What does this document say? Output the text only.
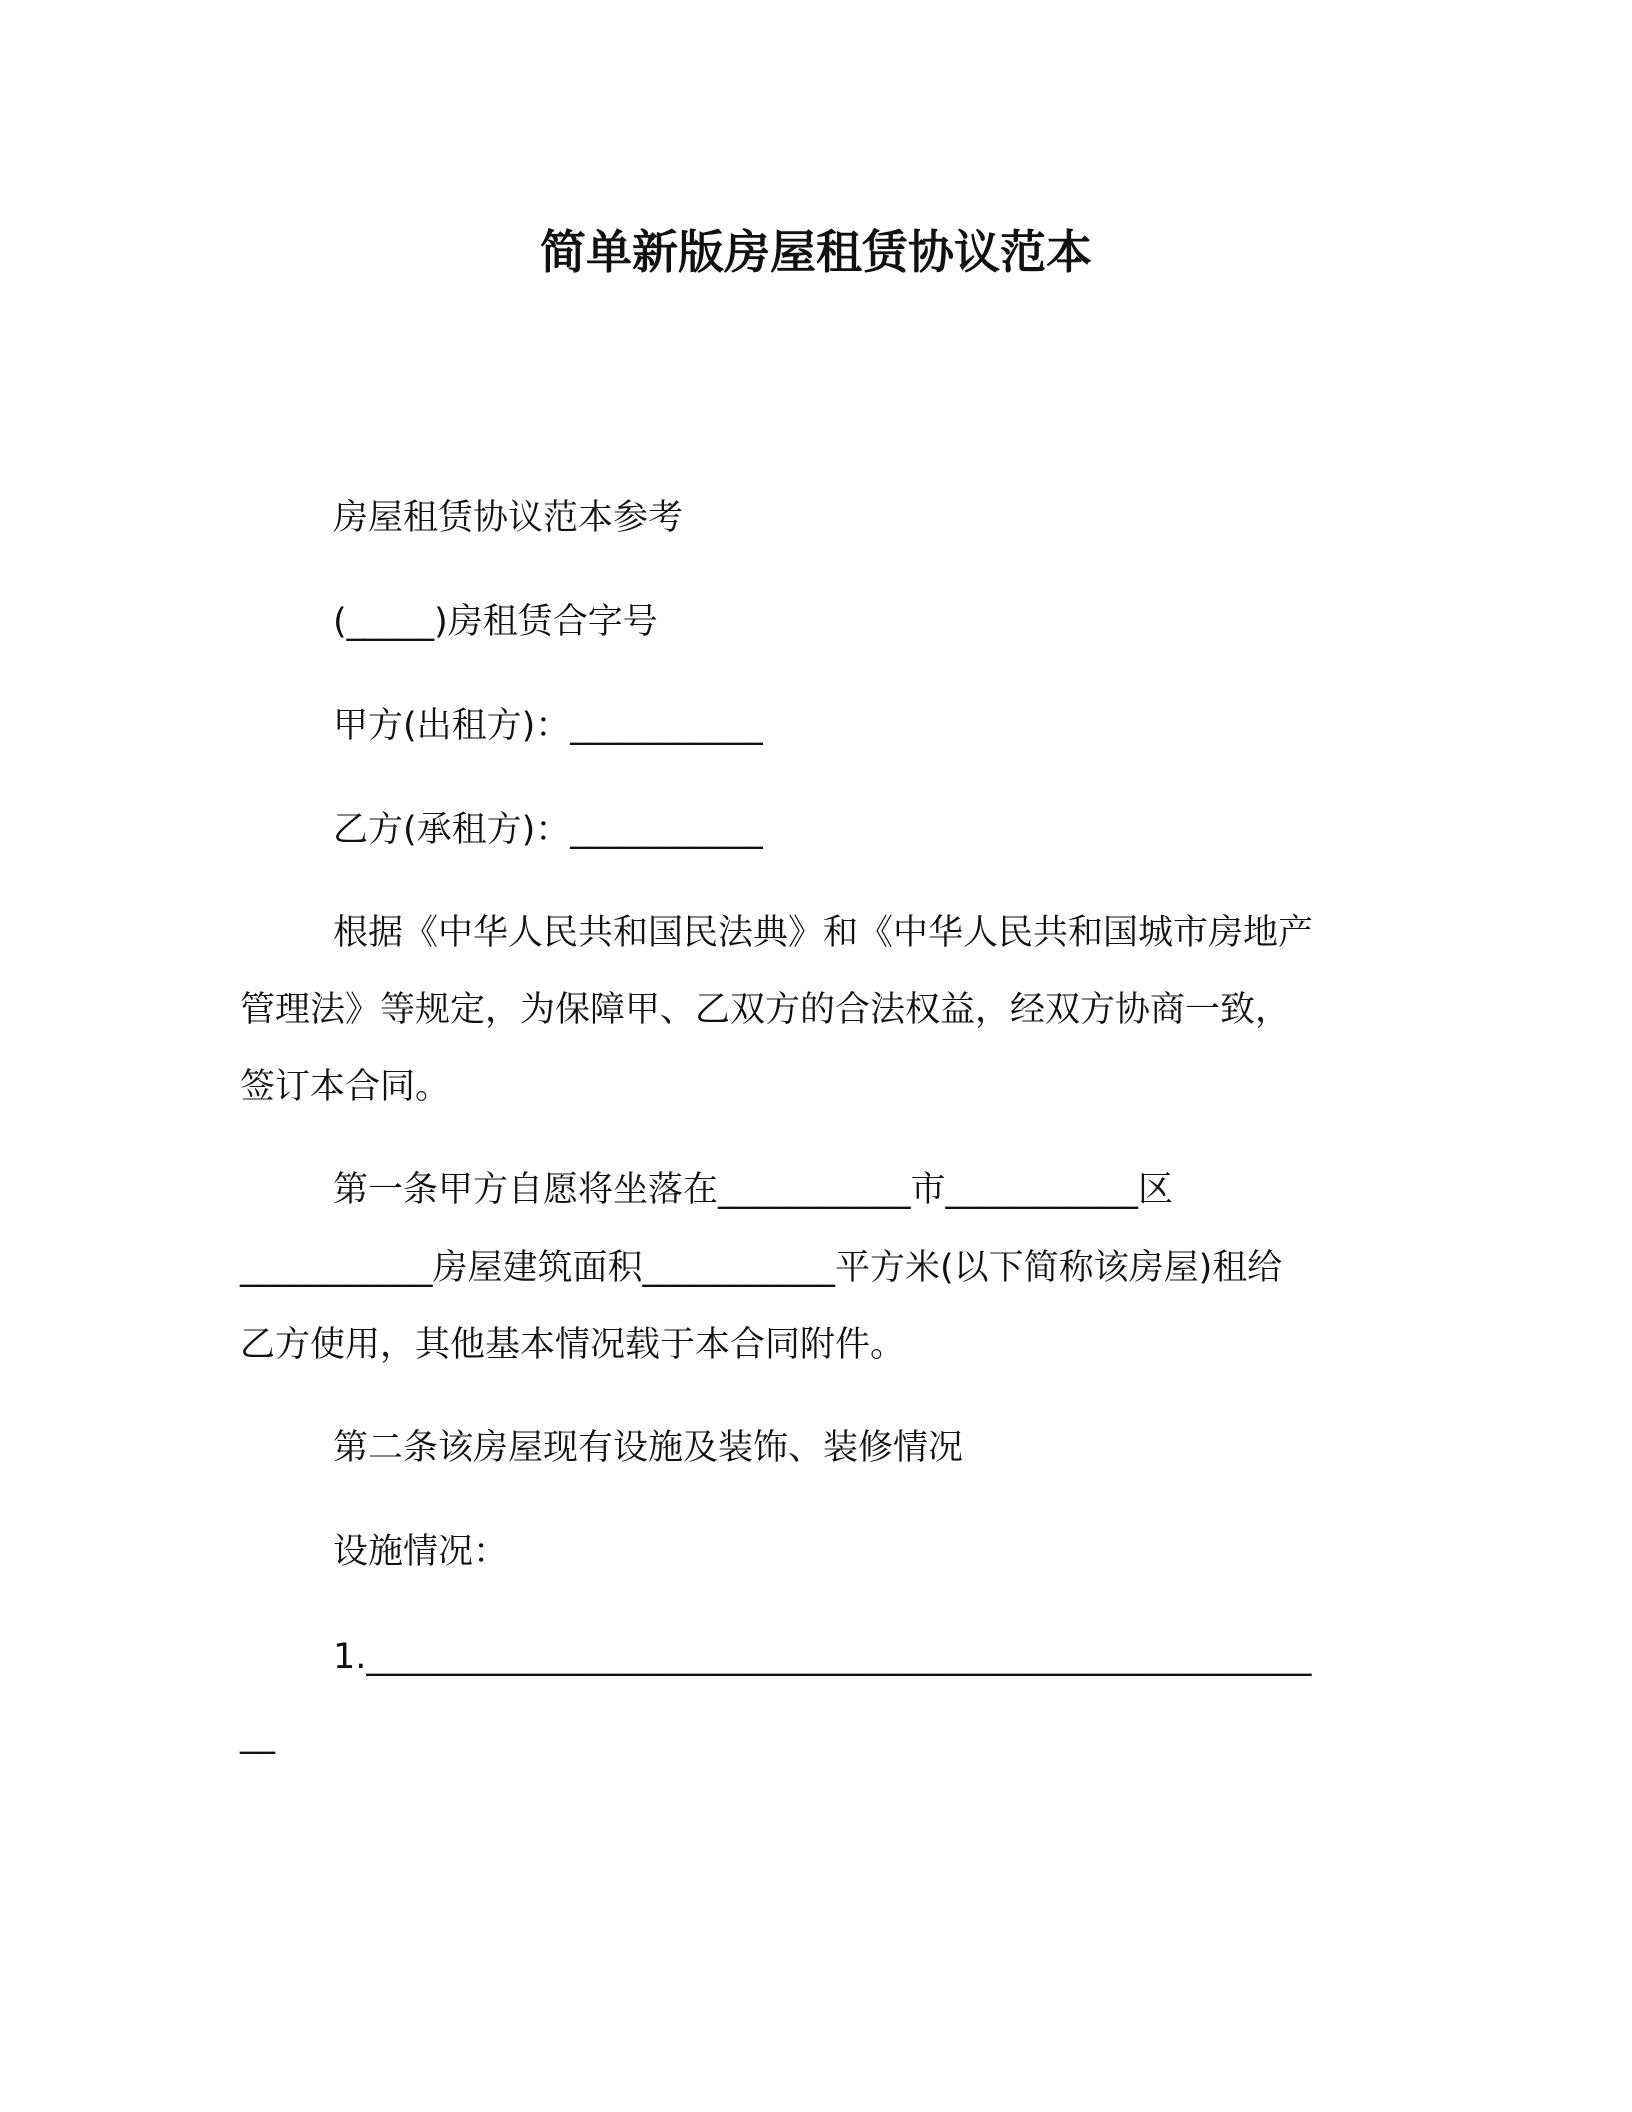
简单新版房屋租赁协议范本
房屋租赁协议范本参考
(_____)房租赁合字号
甲方(出租方)：___________
乙方(承租方)：___________
根据《中华人民共和国民法典》和《中华人民共和国城市房地产
管理法》等规定，为保障甲、乙双方的合法权益，经双方协商一致，
签订本合同。
第一条甲方自愿将坐落在___________市___________区
___________房屋建筑面积___________平方米(以下简称该房屋)租给
乙方使用，其他基本情况载于本合同附件。
第二条该房屋现有设施及装饰、装修情况
设施情况：
1.______________________________________________________
__
